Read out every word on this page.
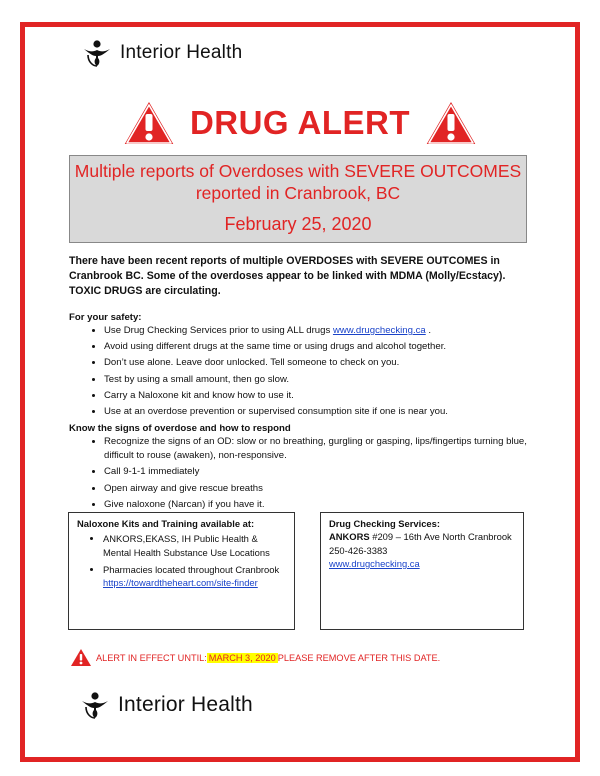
Interior Health
DRUG ALERT
Multiple reports of Overdoses with SEVERE OUTCOMES
reported in Cranbrook, BC
February 25, 2020
There have been recent reports of multiple OVERDOSES with SEVERE OUTCOMES in Cranbrook BC. Some of the overdoses appear to be linked with MDMA (Molly/Ecstacy). TOXIC DRUGS are circulating.
For your safety:
• Use Drug Checking Services prior to using ALL drugs www.drugchecking.ca .
• Avoid using different drugs at the same time or using drugs and alcohol together.
• Don’t use alone. Leave door unlocked. Tell someone to check on you.
• Test by using a small amount, then go slow.
• Carry a Naloxone kit and know how to use it.
• Use at an overdose prevention or supervised consumption site if one is near you.
Know the signs of overdose and how to respond
• Recognize the signs of an OD: slow or no breathing, gurgling or gasping, lips/fingertips turning blue, difficult to rouse (awaken), non-responsive.
• Call 9-1-1 immediately
• Open airway and give rescue breaths
• Give naloxone (Narcan) if you have it.
Naloxone Kits and Training available at:
• ANKORS,EKASS, IH Public Health & Mental Health Substance Use Locations
• Pharmacies located throughout Cranbrook
https://towardtheheart.com/site-finder
Drug Checking Services:
ANKORS #209 – 16th Ave North Cranbrook
250-426-3383
www.drugchecking.ca
ALERT IN EFFECT UNTIL: MARCH 3, 2020 PLEASE REMOVE AFTER THIS DATE.
Interior Health
